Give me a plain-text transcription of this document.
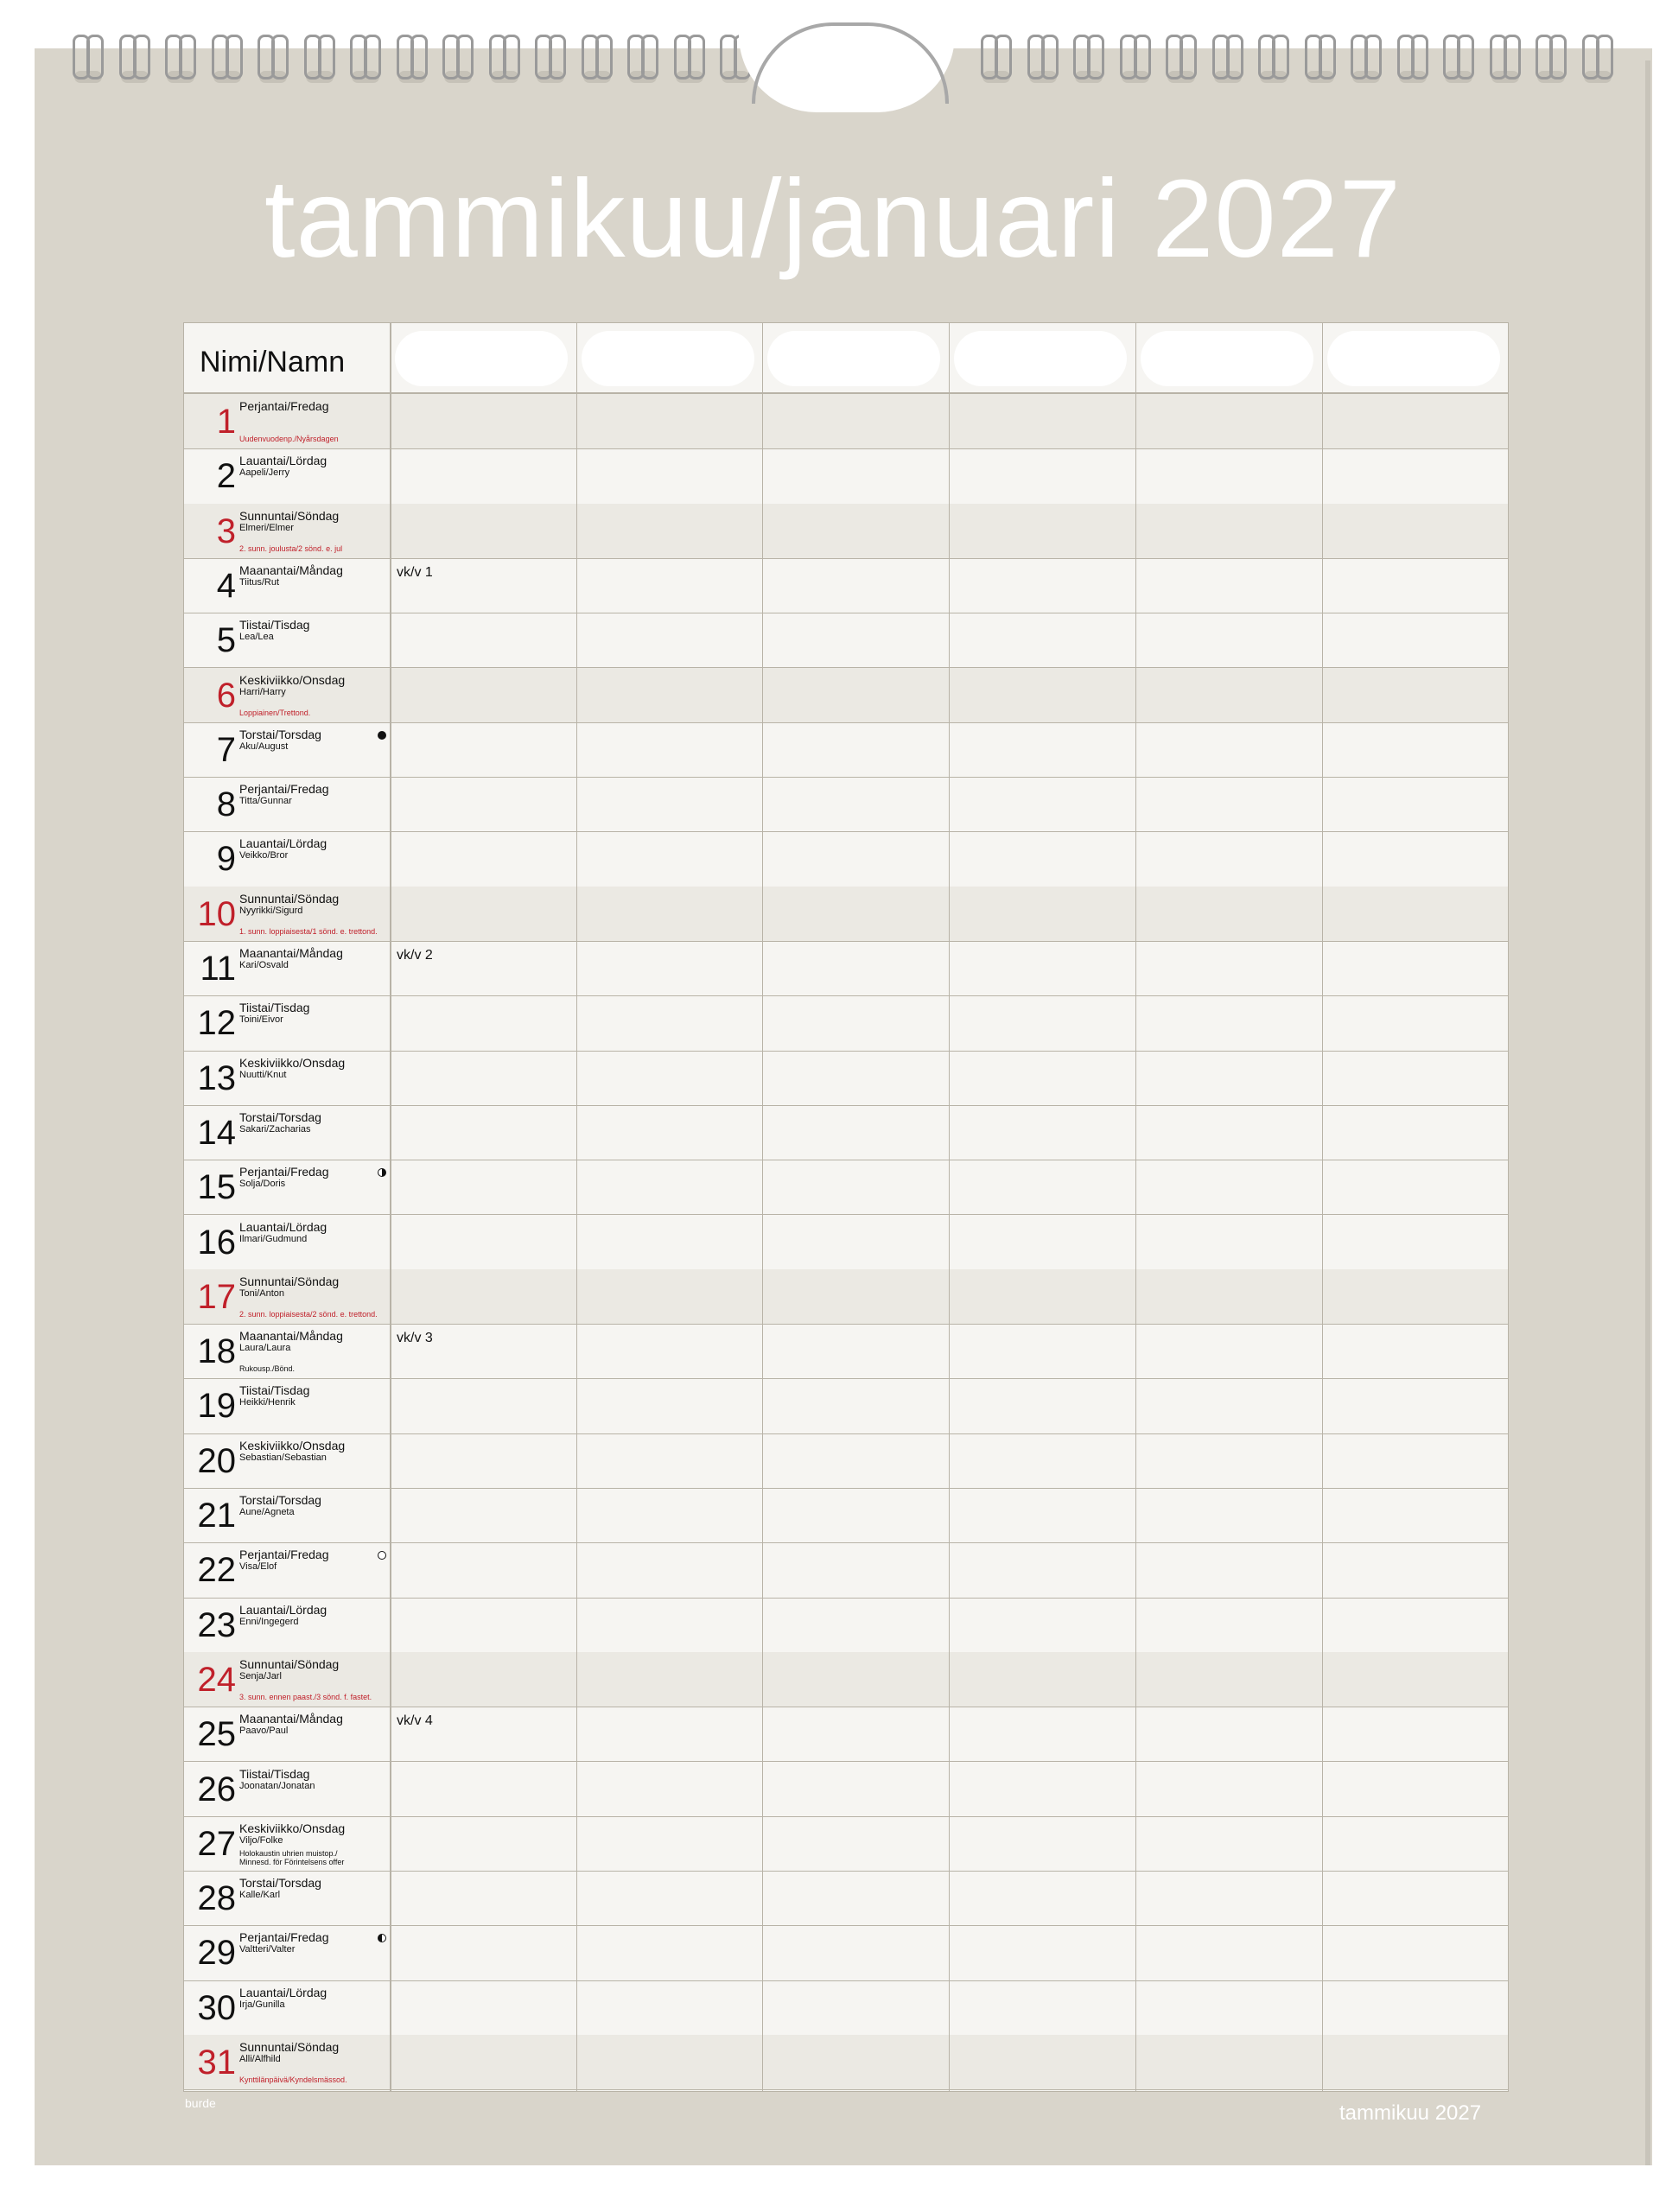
tammikuu/januari 2027
Nimi/Namn
1 Perjantai/Fredag
Uudenvuodenp./Nyårsdagen
2 Lauantai/Lördag
Aapeli/Jerry
3 Sunnuntai/Söndag
Elmeri/Elmer
2. sunn. joulusta/2 sönd. e. jul
4 Maanantai/Måndag
Tiitus/Rut
vk/v 1
5 Tiistai/Tisdag
Lea/Lea
6 Keskiviikko/Onsdag
Harri/Harry
Loppiainen/Trettond.
7 Torstai/Torsdag
Aku/August
8 Perjantai/Fredag
Titta/Gunnar
9 Lauantai/Lördag
Veikko/Bror
10 Sunnuntai/Söndag
Nyyrikki/Sigurd
1. sunn. loppiaisesta/1 sönd. e. trettond.
11 Maanantai/Måndag
Kari/Osvald
vk/v 2
12 Tiistai/Tisdag
Toini/Eivor
13 Keskiviikko/Onsdag
Nuutti/Knut
14 Torstai/Torsdag
Sakari/Zacharias
15 Perjantai/Fredag
Solja/Doris
16 Lauantai/Lördag
Ilmari/Gudmund
17 Sunnuntai/Söndag
Toni/Anton
2. sunn. loppiaisesta/2 sönd. e. trettond.
18 Maanantai/Måndag
Laura/Laura
Rukousp./Bönd.
vk/v 3
19 Tiistai/Tisdag
Heikki/Henrik
20 Keskiviikko/Onsdag
Sebastian/Sebastian
21 Torstai/Torsdag
Aune/Agneta
22 Perjantai/Fredag
Visa/Elof
23 Lauantai/Lördag
Enni/Ingegerd
24 Sunnuntai/Söndag
Senja/Jarl
3. sunn. ennen paast./3 sönd. f. fastet.
25 Maanantai/Måndag
Paavo/Paul
vk/v 4
26 Tiistai/Tisdag
Joonatan/Jonatan
27 Keskiviikko/Onsdag
Viljo/Folke
Holokaustin uhrien muistop./ Minnesd. för Förintelsens offer
28 Torstai/Torsdag
Kalle/Karl
29 Perjantai/Fredag
Valtteri/Valter
30 Lauantai/Lördag
Irja/Gunilla
31 Sunnuntai/Söndag
Alli/Alfhild
Kynttilänpäivä/Kyndelsmässod.
burde	tammikuu 2027
